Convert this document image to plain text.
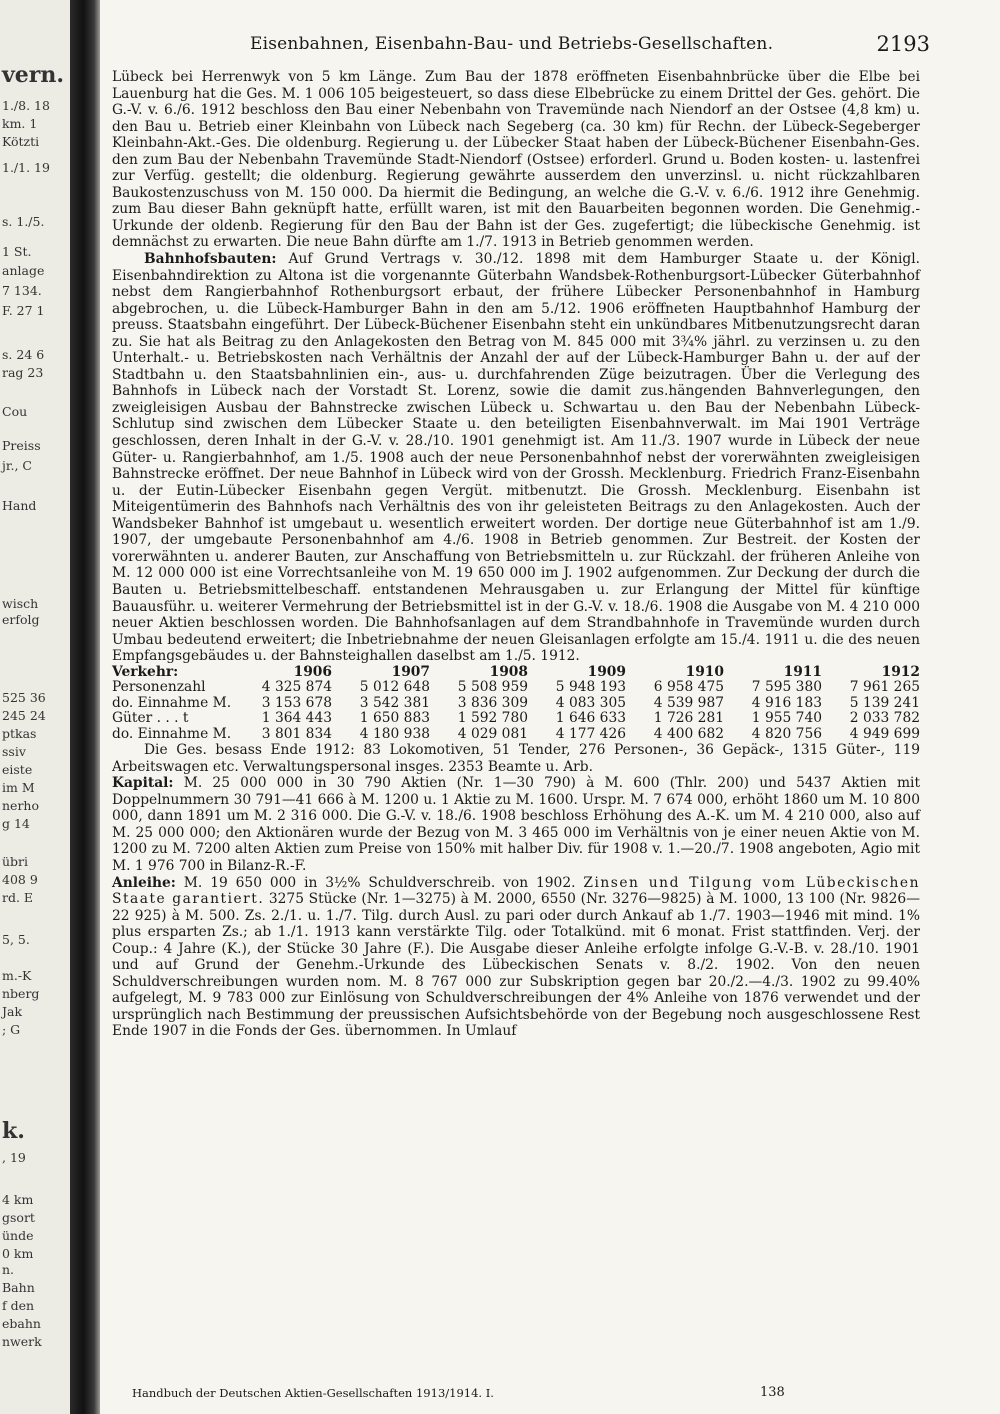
vern.
1./8. 18
km. 1
Kötzti
1./1. 19
s. 1./5.
1 St.
anlage
7 134.
F. 27 1
s. 24 6
rag 23
Cou
Preiss
jr., C
Hand
wisch
erfolg
525 36
245 24
ptkas
ssiv
eiste
im M
nerho
g 14
übri
408 9
rd. E
5, 5.
m.-K
nberg
Jak
; G
k.
, 19
4 km
gsort
ünde
0 km
n.
Bahn
f den
ebahn
nwerk
Eisenbahnen, Eisenbahn-Bau- und Betriebs-Gesellschaften.	2193

Lübeck bei Herrenwyk von 5 km Länge. Zum Bau der 1878 eröffneten Eisenbahnbrücke über die Elbe bei Lauenburg hat die Ges. M. 1 006 105 beigesteuert, so dass diese Elbebrücke zu einem Drittel der Ges. gehört. Die G.-V. v. 6./6. 1912 beschloss den Bau einer Nebenbahn von Travemünde nach Niendorf an der Ostsee (4,8 km) u. den Bau u. Betrieb einer Kleinbahn von Lübeck nach Segeberg (ca. 30 km) für Rechn. der Lübeck-Segeberger Kleinbahn-Akt.-Ges. Die oldenburg. Regierung u. der Lübecker Staat haben der Lübeck-Büchener Eisenbahn-Ges. den zum Bau der Nebenbahn Travemünde Stadt-Niendorf (Ostsee) erforderl. Grund u. Boden kosten- u. lastenfrei zur Verfüg. gestellt; die oldenburg. Regierung gewährte ausserdem den unverzinsl. u. nicht rückzahlbaren Baukostenzuschuss von M. 150 000. Da hiermit die Bedingung, an welche die G.-V. v. 6./6. 1912 ihre Genehmig. zum Bau dieser Bahn geknüpft hatte, erfüllt waren, ist mit den Bauarbeiten begonnen worden. Die Genehmig.-Urkunde der oldenb. Regierung für den Bau der Bahn ist der Ges. zugefertigt; die lübeckische Genehmig. ist demnächst zu erwarten. Die neue Bahn dürfte am 1./7. 1913 in Betrieb genommen werden.

Bahnhofsbauten: Auf Grund Vertrags v. 30./12. 1898 mit dem Hamburger Staate u. der Königl. Eisenbahndirektion zu Altona ist die vorgenannte Güterbahn Wandsbek-Rothenburgsort-Lübecker Güterbahnhof nebst dem Rangierbahnhof Rothenburgsort erbaut, der frühere Lübecker Personenbahnhof in Hamburg abgebrochen, u. die Lübeck-Hamburger Bahn in den am 5./12. 1906 eröffneten Hauptbahnhof Hamburg der preuss. Staatsbahn eingeführt. Der Lübeck-Büchener Eisenbahn steht ein unkündbares Mitbenutzungsrecht daran zu. Sie hat als Beitrag zu den Anlagekosten den Betrag von M. 845 000 mit 3¾% jährl. zu verzinsen u. zu den Unterhalt.- u. Betriebskosten nach Verhältnis der Anzahl der auf der Lübeck-Hamburger Bahn u. der auf der Stadtbahn u. den Staatsbahnlinien ein-, aus- u. durchfahrenden Züge beizutragen. Über die Verlegung des Bahnhofs in Lübeck nach der Vorstadt St. Lorenz, sowie die damit zus.hängenden Bahnverlegungen, den zweigleisigen Ausbau der Bahnstrecke zwischen Lübeck u. Schwartau u. den Bau der Nebenbahn Lübeck-Schlutup sind zwischen dem Lübecker Staate u. den beteiligten Eisenbahnverwalt. im Mai 1901 Verträge geschlossen, deren Inhalt in der G.-V. v. 28./10. 1901 genehmigt ist. Am 11./3. 1907 wurde in Lübeck der neue Güter- u. Rangierbahnhof, am 1./5. 1908 auch der neue Personenbahnhof nebst der vorerwähnten zweigleisigen Bahnstrecke eröffnet. Der neue Bahnhof in Lübeck wird von der Grossh. Mecklenburg. Friedrich Franz-Eisenbahn u. der Eutin-Lübecker Eisenbahn gegen Vergüt. mitbenutzt. Die Grossh. Mecklenburg. Eisenbahn ist Miteigentümerin des Bahnhofs nach Verhältnis des von ihr geleisteten Beitrags zu den Anlagekosten. Auch der Wandsbeker Bahnhof ist umgebaut u. wesentlich erweitert worden. Der dortige neue Güterbahnhof ist am 1./9. 1907, der umgebaute Personenbahnhof am 4./6. 1908 in Betrieb genommen. Zur Bestreit. der Kosten der vorerwähnten u. anderer Bauten, zur Anschaffung von Betriebsmitteln u. zur Rückzahl. der früheren Anleihe von M. 12 000 000 ist eine Vorrechtsanleihe von M. 19 650 000 im J. 1902 aufgenommen. Zur Deckung der durch die Bauten u. Betriebsmittelbeschaff. entstandenen Mehrausgaben u. zur Erlangung der Mittel für künftige Bauausführ. u. weiterer Vermehrung der Betriebsmittel ist in der G.-V. v. 18./6. 1908 die Ausgabe von M. 4 210 000 neuer Aktien beschlossen worden. Die Bahnhofsanlagen auf dem Strandbahnhofe in Travemünde wurden durch Umbau bedeutend erweitert; die Inbetriebnahme der neuen Gleisanlagen erfolgte am 15./4. 1911 u. die des neuen Empfangsgebäudes u. der Bahnsteighallen daselbst am 1./5. 1912.

Verkehr:	1906	1907	1908	1909	1910	1911	1912
Personenzahl	4 325 874	5 012 648	5 508 959	5 948 193	6 958 475	7 595 380	7 961 265
do. Einnahme M.	3 153 678	3 542 381	3 836 309	4 083 305	4 539 987	4 916 183	5 139 241
Güter . . . t	1 364 443	1 650 883	1 592 780	1 646 633	1 726 281	1 955 740	2 033 782
do. Einnahme M.	3 801 834	4 180 938	4 029 081	4 177 426	4 400 682	4 820 756	4 949 699

Die Ges. besass Ende 1912: 83 Lokomotiven, 51 Tender, 276 Personen-, 36 Gepäck-, 1315 Güter-, 119 Arbeitswagen etc. Verwaltungspersonal insges. 2353 Beamte u. Arb.

Kapital: M. 25 000 000 in 30 790 Aktien (Nr. 1—30 790) à M. 600 (Thlr. 200) und 5437 Aktien mit Doppelnummern 30 791—41 666 à M. 1200 u. 1 Aktie zu M. 1600. Urspr. M. 7 674 000, erhöht 1860 um M. 10 800 000, dann 1891 um M. 2 316 000. Die G.-V. v. 18./6. 1908 beschloss Erhöhung des A.-K. um M. 4 210 000, also auf M. 25 000 000; den Aktionären wurde der Bezug von M. 3 465 000 im Verhältnis von je einer neuen Aktie von M. 1200 zu M. 7200 alten Aktien zum Preise von 150% mit halber Div. für 1908 v. 1.—20./7. 1908 angeboten, Agio mit M. 1 976 700 in Bilanz-R.-F.

Anleihe: M. 19 650 000 in 3½% Schuldverschreib. von 1902. Zinsen und Tilgung vom Lübeckischen Staate garantiert. 3275 Stücke (Nr. 1—3275) à M. 2000, 6550 (Nr. 3276—9825) à M. 1000, 13 100 (Nr. 9826—22 925) à M. 500. Zs. 2./1. u. 1./7. Tilg. durch Ausl. zu pari oder durch Ankauf ab 1./7. 1903—1946 mit mind. 1% plus ersparten Zs.; ab 1./1. 1913 kann verstärkte Tilg. oder Totalkünd. mit 6 monat. Frist stattfinden. Verj. der Coup.: 4 Jahre (K.), der Stücke 30 Jahre (F.). Die Ausgabe dieser Anleihe erfolgte infolge G.-V.-B. v. 28./10. 1901 und auf Grund der Genehm.-Urkunde des Lübeckischen Senats v. 8./2. 1902. Von den neuen Schuldverschreibungen wurden nom. M. 8 767 000 zur Subskription gegen bar 20./2.—4./3. 1902 zu 99.40% aufgelegt, M. 9 783 000 zur Einlösung von Schuldverschreibungen der 4% Anleihe von 1876 verwendet und der ursprünglich nach Bestimmung der preussischen Aufsichtsbehörde von der Begebung noch ausgeschlossene Rest Ende 1907 in die Fonds der Ges. übernommen. In Umlauf

Handbuch der Deutschen Aktien-Gesellschaften 1913/1914. I.	138
